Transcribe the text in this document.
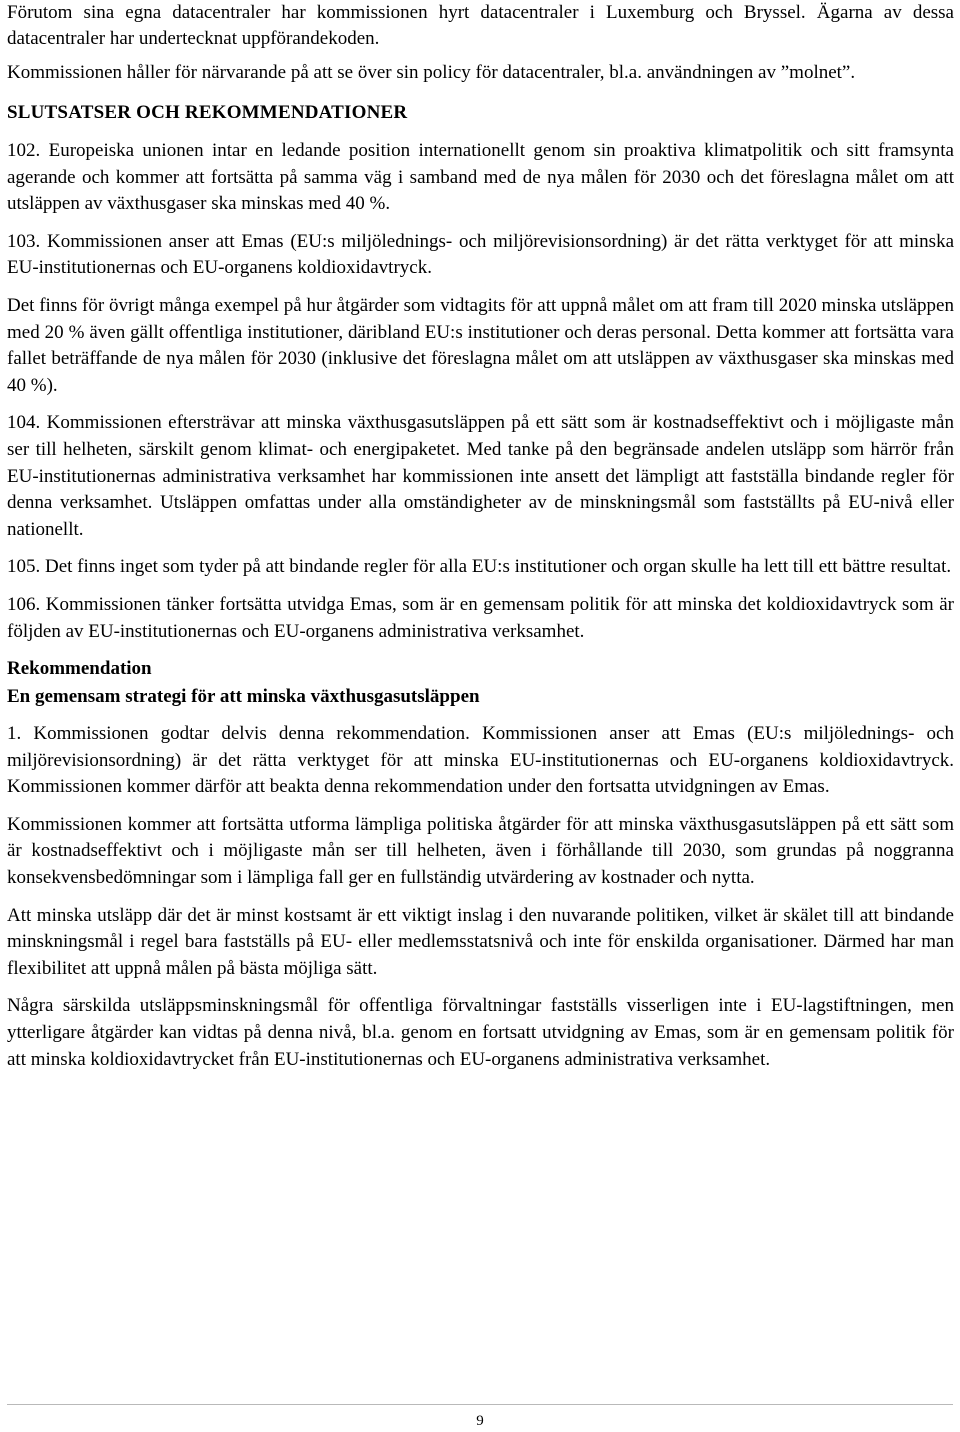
Förutom sina egna datacentraler har kommissionen hyrt datacentraler i Luxemburg och Bryssel. Ägarna av dessa datacentraler har undertecknat uppförandekoden.

Kommissionen håller för närvarande på att se över sin policy för datacentraler, bl.a. användningen av ”molnet”.

SLUTSATSER OCH REKOMMENDATIONER

102. Europeiska unionen intar en ledande position internationellt genom sin proaktiva klimatpolitik och sitt framsynta agerande och kommer att fortsätta på samma väg i samband med de nya målen för 2030 och det föreslagna målet om att utsläppen av växthusgaser ska minskas med 40 %.

103. Kommissionen anser att Emas (EU:s miljölednings- och miljörevisionsordning) är det rätta verktyget för att minska EU-institutionernas och EU-organens koldioxidavtryck.

Det finns för övrigt många exempel på hur åtgärder som vidtagits för att uppnå målet om att fram till 2020 minska utsläppen med 20 % även gällt offentliga institutioner, däribland EU:s institutioner och deras personal. Detta kommer att fortsätta vara fallet beträffande de nya målen för 2030 (inklusive det föreslagna målet om att utsläppen av växthusgaser ska minskas med 40 %).

104. Kommissionen eftersträvar att minska växthusgasutsläppen på ett sätt som är kostnadseffektivt och i möjligaste mån ser till helheten, särskilt genom klimat- och energipaketet. Med tanke på den begränsade andelen utsläpp som härrör från EU-institutionernas administrativa verksamhet har kommissionen inte ansett det lämpligt att fastställa bindande regler för denna verksamhet. Utsläppen omfattas under alla omständigheter av de minskningsmål som fastställts på EU-nivå eller nationellt.

105. Det finns inget som tyder på att bindande regler för alla EU:s institutioner och organ skulle ha lett till ett bättre resultat.

106. Kommissionen tänker fortsätta utvidga Emas, som är en gemensam politik för att minska det koldioxidavtryck som är följden av EU-institutionernas och EU-organens administrativa verksamhet.

Rekommendation

En gemensam strategi för att minska växthusgasutsläppen

1. Kommissionen godtar delvis denna rekommendation. Kommissionen anser att Emas (EU:s miljölednings- och miljörevisionsordning) är det rätta verktyget för att minska EU-institutionernas och EU-organens koldioxidavtryck. Kommissionen kommer därför att beakta denna rekommendation under den fortsatta utvidgningen av Emas.

Kommissionen kommer att fortsätta utforma lämpliga politiska åtgärder för att minska växthusgasutsläppen på ett sätt som är kostnadseffektivt och i möjligaste mån ser till helheten, även i förhållande till 2030, som grundas på noggranna konsekvensbedömningar som i lämpliga fall ger en fullständig utvärdering av kostnader och nytta.

Att minska utsläpp där det är minst kostsamt är ett viktigt inslag i den nuvarande politiken, vilket är skälet till att bindande minskningsmål i regel bara fastställs på EU- eller medlemsstatsnivå och inte för enskilda organisationer. Därmed har man flexibilitet att uppnå målen på bästa möjliga sätt.

Några särskilda utsläppsminskningsmål för offentliga förvaltningar fastställs visserligen inte i EU-lagstiftningen, men ytterligare åtgärder kan vidtas på denna nivå, bl.a. genom en fortsatt utvidgning av Emas, som är en gemensam politik för att minska koldioxidavtrycket från EU-institutionernas och EU-organens administrativa verksamhet.

9
